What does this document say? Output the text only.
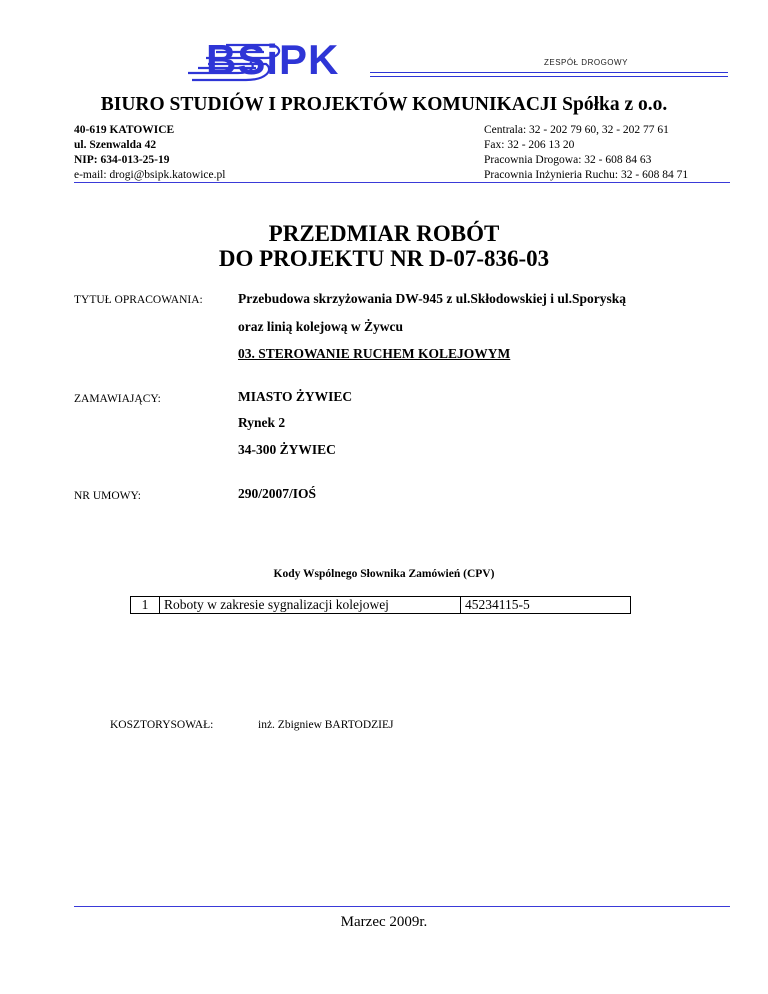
BSiPK	ZESPÓŁ DROGOWY
BIURO STUDIÓW I PROJEKTÓW KOMUNIKACJI Spółka z o.o.
40-619 KATOWICE
ul. Szenwalda 42
NIP: 634-013-25-19
e-mail: drogi@bsipk.katowice.pl
Centrala: 32 - 202 79 60, 32 - 202 77 61
Fax: 32 - 206 13 20
Pracownia Drogowa: 32 - 608 84 63
Pracownia Inżynieria Ruchu: 32 - 608 84 71
PRZEDMIAR ROBÓT
DO PROJEKTU NR D-07-836-03
TYTUŁ OPRACOWANIA:	Przebudowa skrzyżowania DW-945 z ul.Skłodowskiej i ul.Sporyską
oraz linią kolejową w Żywcu
03. STEROWANIE RUCHEM KOLEJOWYM
ZAMAWIAJĄCY:	MIASTO ŻYWIEC
Rynek 2
34-300 ŻYWIEC
NR UMOWY:	290/2007/IOŚ
Kody Wspólnego Słownika Zamówień (CPV)
1	Roboty w zakresie sygnalizacji kolejowej	45234115-5
KOSZTORYSOWAŁ:	inż. Zbigniew BARTODZIEJ
Marzec 2009r.
